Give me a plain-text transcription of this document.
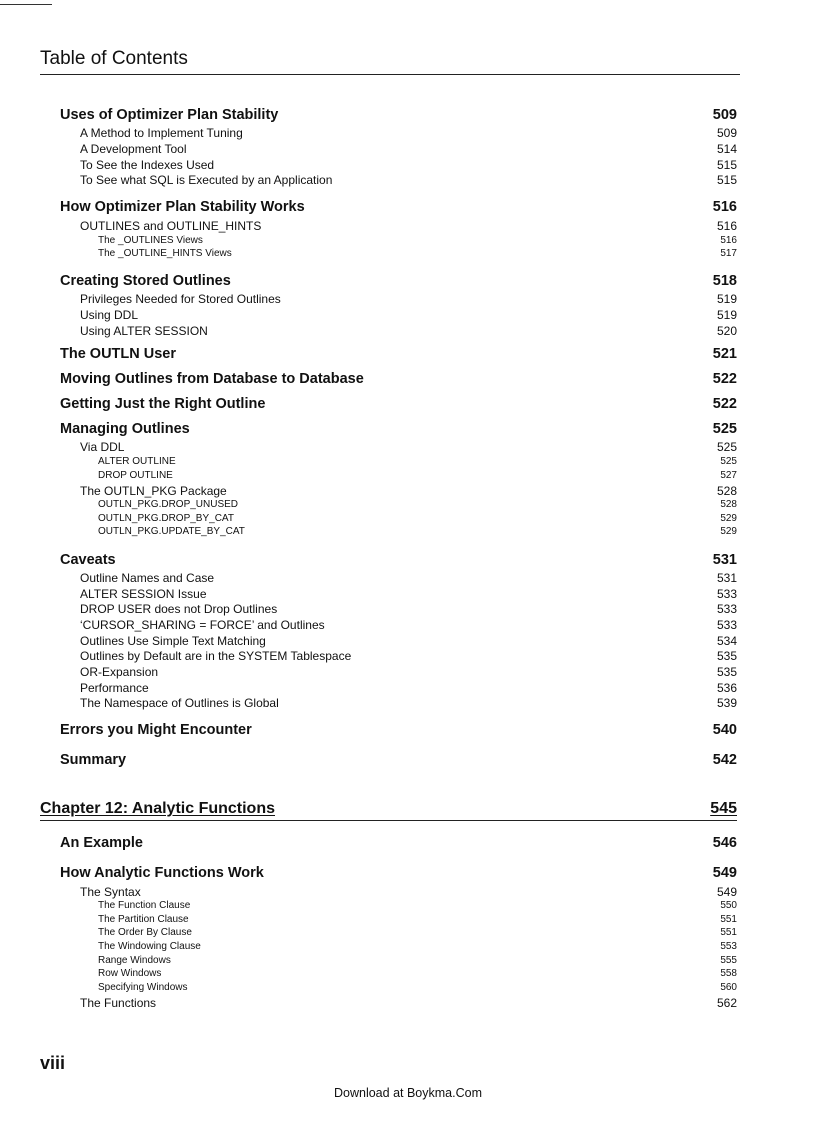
Table of Contents
Uses of Optimizer Plan Stability	509
A Method to Implement Tuning	509
A Development Tool	514
To See the Indexes Used	515
To See what SQL is Executed by an Application	515
How Optimizer Plan Stability Works	516
OUTLINES and OUTLINE_HINTS	516
The _OUTLINES Views	516
The _OUTLINE_HINTS Views	517
Creating Stored Outlines	518
Privileges Needed for Stored Outlines	519
Using DDL	519
Using ALTER SESSION	520
The OUTLN User	521
Moving Outlines from Database to Database	522
Getting Just the Right Outline	522
Managing Outlines	525
Via DDL	525
ALTER OUTLINE	525
DROP OUTLINE	527
The OUTLN_PKG Package	528
OUTLN_PKG.DROP_UNUSED	528
OUTLN_PKG.DROP_BY_CAT	529
OUTLN_PKG.UPDATE_BY_CAT	529
Caveats	531
Outline Names and Case	531
ALTER SESSION Issue	533
DROP USER does not Drop Outlines	533
‘CURSOR_SHARING = FORCE’ and Outlines	533
Outlines Use Simple Text Matching	534
Outlines by Default are in the SYSTEM Tablespace	535
OR-Expansion	535
Performance	536
The Namespace of Outlines is Global	539
Errors you Might Encounter	540
Summary	542
Chapter 12: Analytic Functions	545
An Example	546
How Analytic Functions Work	549
The Syntax	549
The Function Clause	550
The Partition Clause	551
The Order By Clause	551
The Windowing Clause	553
Range Windows	555
Row Windows	558
Specifying Windows	560
The Functions	562
viii
Download at Boykma.Com
